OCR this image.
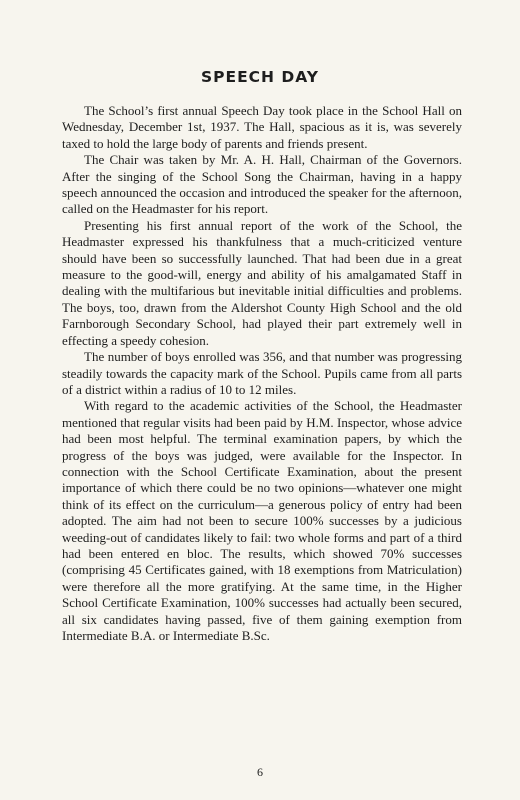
SPEECH DAY

The School’s first annual Speech Day took place in the School Hall on Wednesday, December 1st, 1937. The Hall, spacious as it is, was severely taxed to hold the large body of parents and friends present.

The Chair was taken by Mr. A. H. Hall, Chairman of the Governors. After the singing of the School Song the Chairman, having in a happy speech announced the occasion and introduced the speaker for the afternoon, called on the Headmaster for his report.

Presenting his first annual report of the work of the School, the Headmaster expressed his thankfulness that a much-criticized venture should have been so successfully launched. That had been due in a great measure to the good-will, energy and ability of his amalgamated Staff in dealing with the multifarious but inevitable initial difficulties and problems. The boys, too, drawn from the Aldershot County High School and the old Farnborough Secondary School, had played their part extremely well in effecting a speedy cohesion.

The number of boys enrolled was 356, and that number was progressing steadily towards the capacity mark of the School. Pupils came from all parts of a district within a radius of 10 to 12 miles.

With regard to the academic activities of the School, the Headmaster mentioned that regular visits had been paid by H.M. Inspector, whose advice had been most helpful. The terminal examination papers, by which the progress of the boys was judged, were available for the Inspector. In connection with the School Certificate Examination, about the present importance of which there could be no two opinions—whatever one might think of its effect on the curriculum—a generous policy of entry had been adopted. The aim had not been to secure 100% successes by a judicious weeding-out of candidates likely to fail: two whole forms and part of a third had been entered en bloc. The results, which showed 70% successes (comprising 45 Certificates gained, with 18 exemptions from Matriculation) were therefore all the more gratifying. At the same time, in the Higher School Certificate Examination, 100% successes had actually been secured, all six candidates having passed, five of them gaining exemption from Intermediate B.A. or Intermediate B.Sc.

6
